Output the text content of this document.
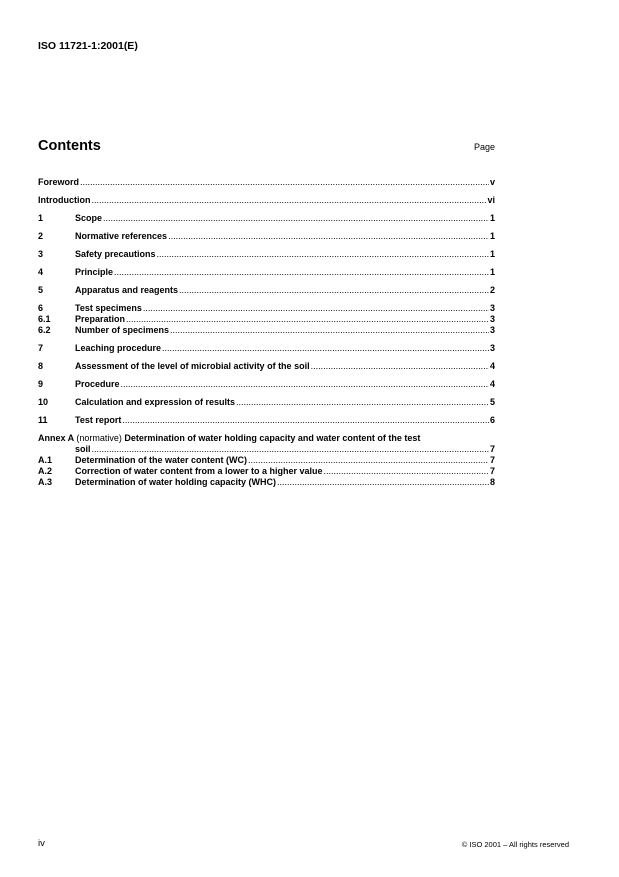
ISO 11721-1:2001(E)
Contents	Page
Foreword .....	v
Introduction .....	vi
1	Scope .....	1
2	Normative references .....	1
3	Safety precautions .....	1
4	Principle .....	1
5	Apparatus and reagents .....	2
6	Test specimens .....	3
6.1	Preparation .....	3
6.2	Number of specimens .....	3
7	Leaching procedure .....	3
8	Assessment of the level of microbial activity of the soil .....	4
9	Procedure .....	4
10	Calculation and expression of results .....	5
11	Test report .....	6
Annex A (normative) Determination of water holding capacity and water content of the test
soil .....	7
A.1	Determination of the water content (WC) .....	7
A.2	Correction of water content from a lower to a higher value .....	7
A.3	Determination of water holding capacity (WHC) .....	8
iv	© ISO 2001 – All rights reserved
